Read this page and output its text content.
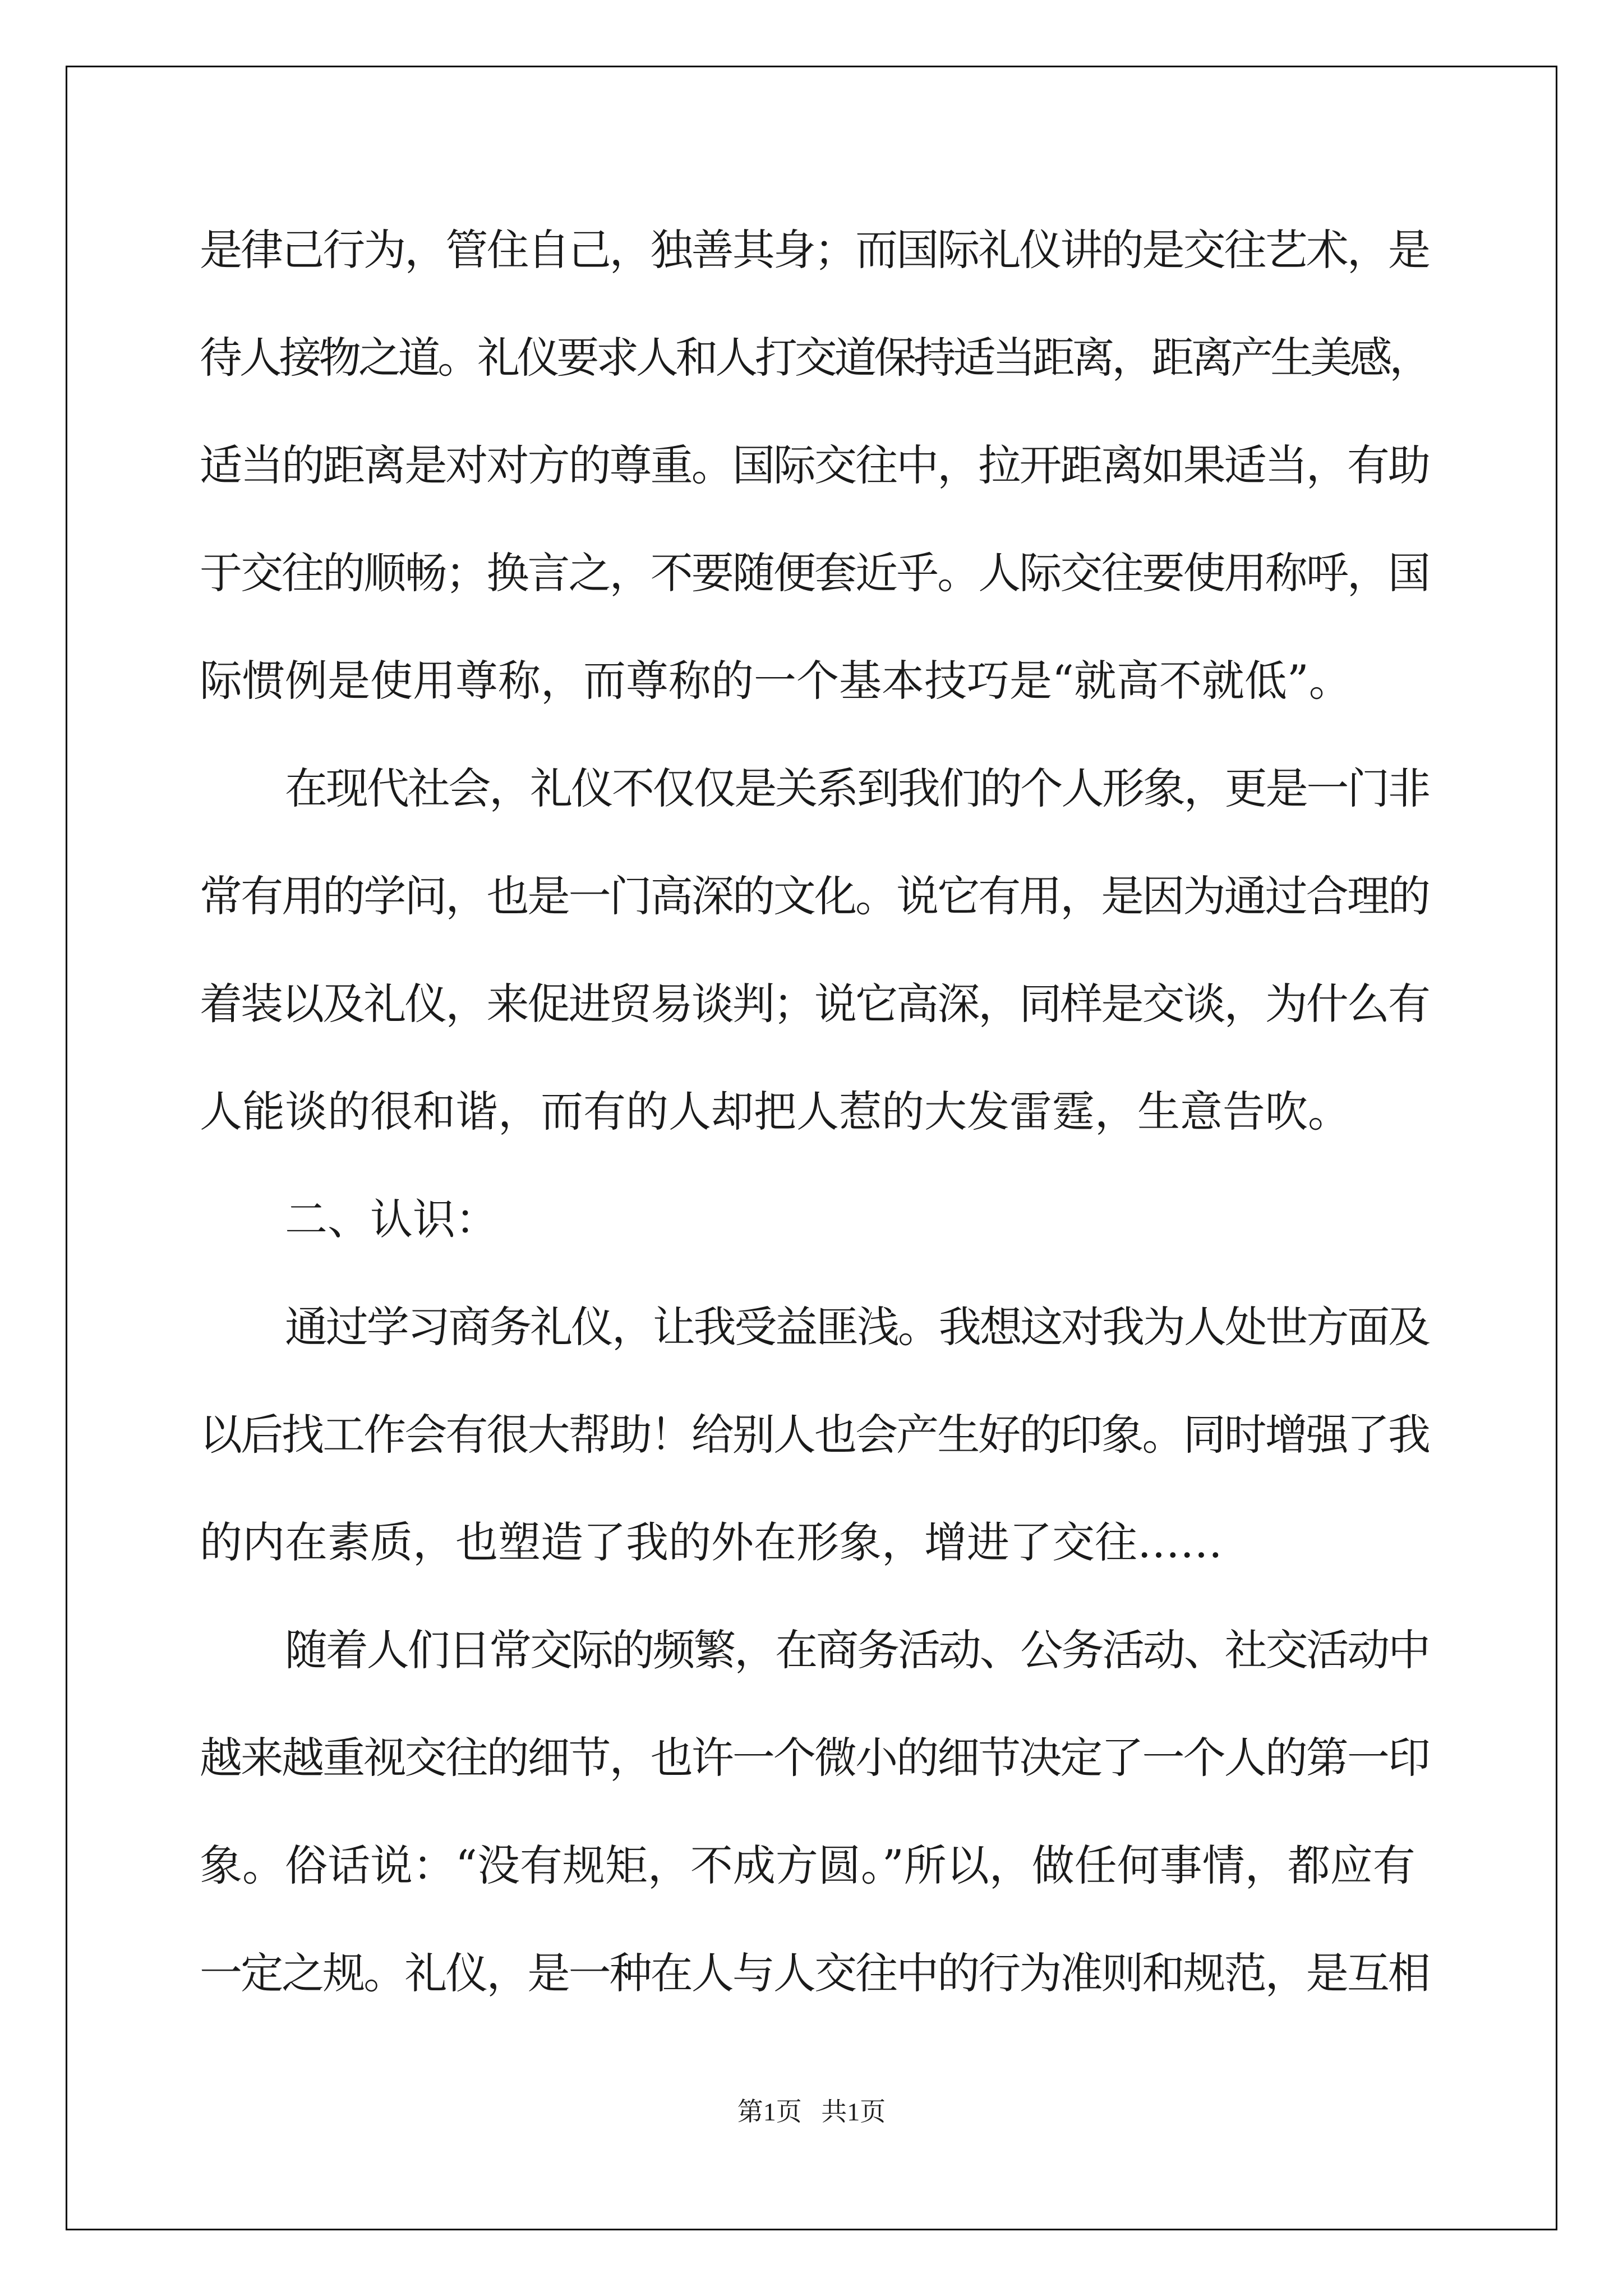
是律己行为，管住自己，独善其身；而国际礼仪讲的是交往艺术，是
待人接物之道。礼仪要求人和人打交道保持适当距离，距离产生美感，
适当的距离是对对方的尊重。国际交往中，拉开距离如果适当，有助
于交往的顺畅；换言之，不要随便套近乎。人际交往要使用称呼，国
际惯例是使用尊称，而尊称的一个基本技巧是“就高不就低”。
在现代社会，礼仪不仅仅是关系到我们的个人形象，更是一门非
常有用的学问，也是一门高深的文化。说它有用，是因为通过合理的
着装以及礼仪，来促进贸易谈判；说它高深，同样是交谈，为什么有
人能谈的很和谐，而有的人却把人惹的大发雷霆，生意告吹。
二、认识：
通过学习商务礼仪，让我受益匪浅。我想这对我为人处世方面及
以后找工作会有很大帮助！给别人也会产生好的印象。同时增强了我
的内在素质，也塑造了我的外在形象，增进了交往……
随着人们日常交际的频繁，在商务活动、公务活动、社交活动中
越来越重视交往的细节，也许一个微小的细节决定了一个人的第一印
象。俗话说：“没有规矩，不成方圆。”所以，做任何事情，都应有
一定之规。礼仪，是一种在人与人交往中的行为准则和规范，是互相
第1页   共1页
